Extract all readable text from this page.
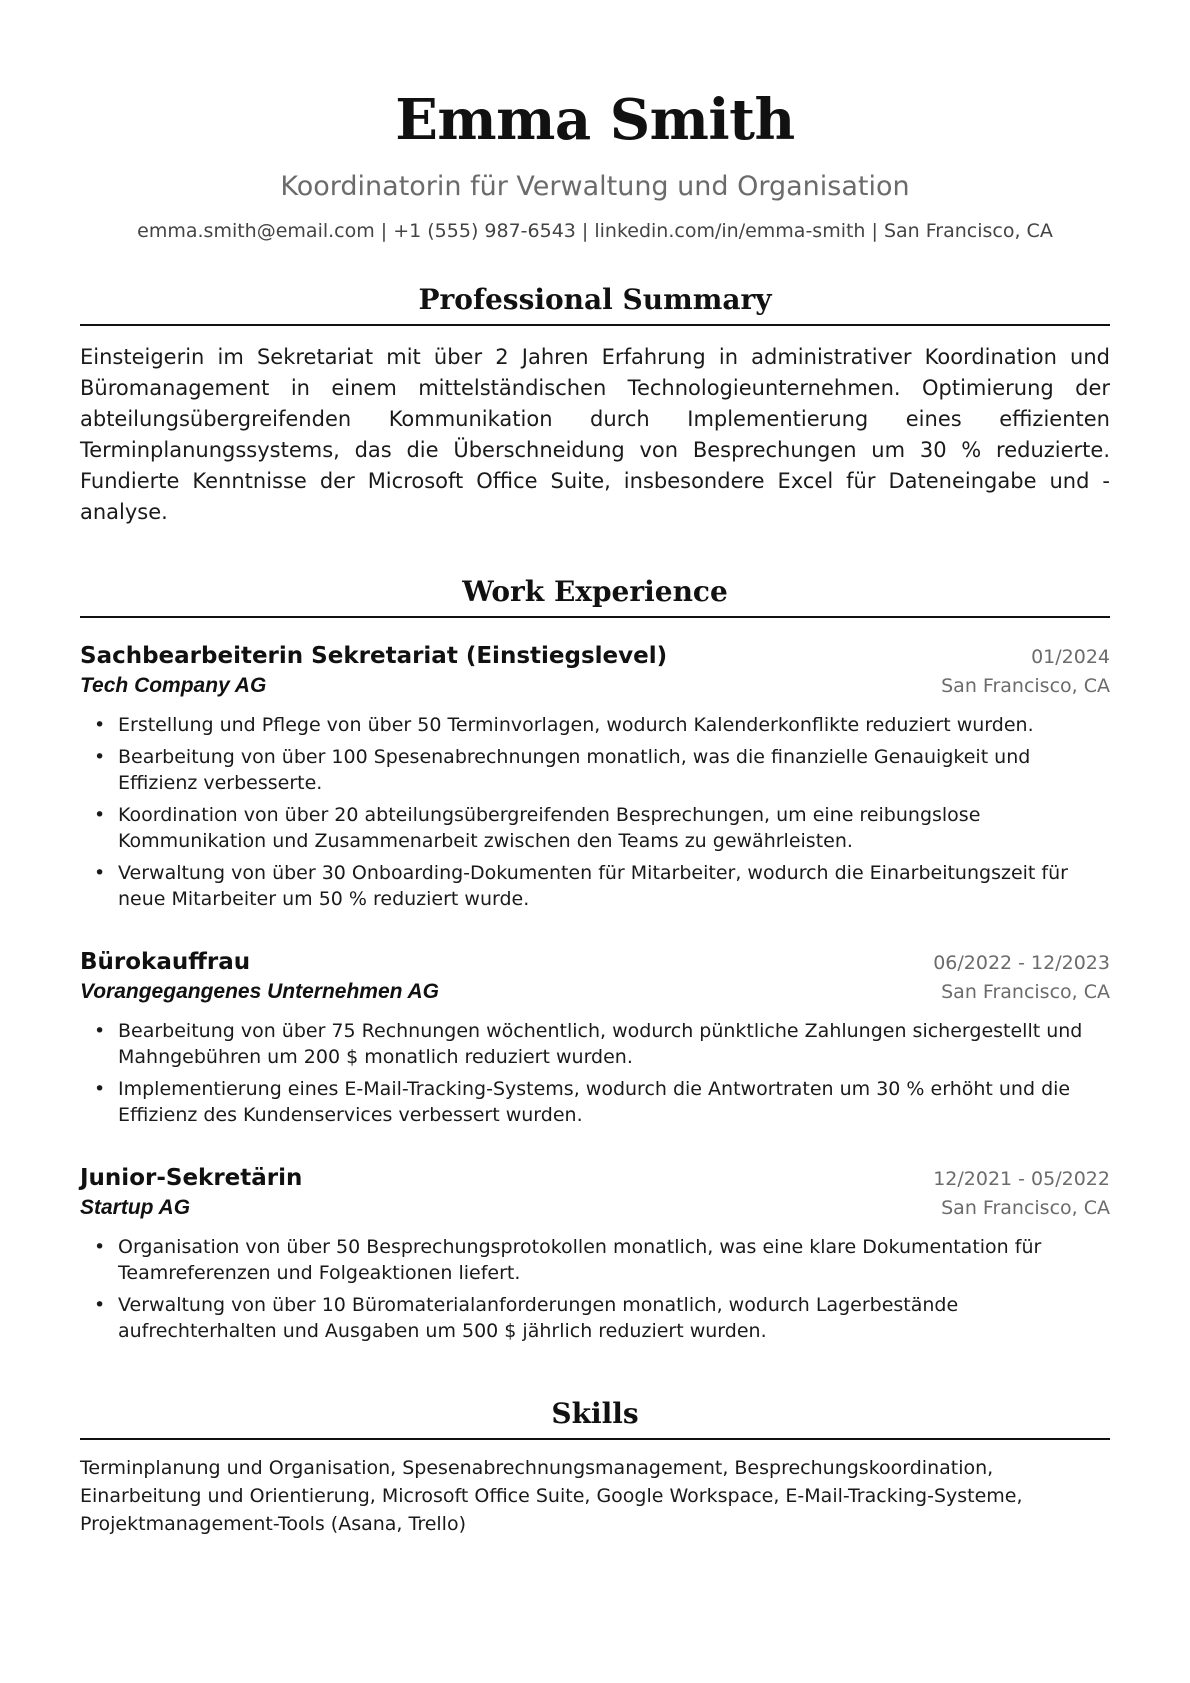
Emma Smith
Koordinatorin für Verwaltung und Organisation
emma.smith@email.com | +1 (555) 987-6543 | linkedin.com/in/emma-smith | San Francisco, CA
Professional Summary
Einsteigerin im Sekretariat mit über 2 Jahren Erfahrung in administrativer Koordination und Büromanagement in einem mittelständischen Technologieunternehmen. Optimierung der abteilungsübergreifenden Kommunikation durch Implementierung eines effizienten Terminplanungssystems, das die Überschneidung von Besprechungen um 30 % reduzierte. Fundierte Kenntnisse der Microsoft Office Suite, insbesondere Excel für Dateneingabe und -analyse.
Work Experience
Sachbearbeiterin Sekretariat (Einstiegslevel)	01/2024
Tech Company AG	San Francisco, CA
• Erstellung und Pflege von über 50 Terminvorlagen, wodurch Kalenderkonflikte reduziert wurden.
• Bearbeitung von über 100 Spesenabrechnungen monatlich, was die finanzielle Genauigkeit und Effizienz verbesserte.
• Koordination von über 20 abteilungsübergreifenden Besprechungen, um eine reibungslose Kommunikation und Zusammenarbeit zwischen den Teams zu gewährleisten.
• Verwaltung von über 30 Onboarding-Dokumenten für Mitarbeiter, wodurch die Einarbeitungszeit für neue Mitarbeiter um 50 % reduziert wurde.
Bürokauffrau	06/2022 - 12/2023
Vorangegangenes Unternehmen AG	San Francisco, CA
• Bearbeitung von über 75 Rechnungen wöchentlich, wodurch pünktliche Zahlungen sichergestellt und Mahngebühren um 200 $ monatlich reduziert wurden.
• Implementierung eines E-Mail-Tracking-Systems, wodurch die Antwortraten um 30 % erhöht und die Effizienz des Kundenservices verbessert wurden.
Junior-Sekretärin	12/2021 - 05/2022
Startup AG	San Francisco, CA
• Organisation von über 50 Besprechungsprotokollen monatlich, was eine klare Dokumentation für Teamreferenzen und Folgeaktionen liefert.
• Verwaltung von über 10 Büromaterialanforderungen monatlich, wodurch Lagerbestände aufrechterhalten und Ausgaben um 500 $ jährlich reduziert wurden.
Skills
Terminplanung und Organisation, Spesenabrechnungsmanagement, Besprechungskoordination, Einarbeitung und Orientierung, Microsoft Office Suite, Google Workspace, E-Mail-Tracking-Systeme, Projektmanagement-Tools (Asana, Trello)
